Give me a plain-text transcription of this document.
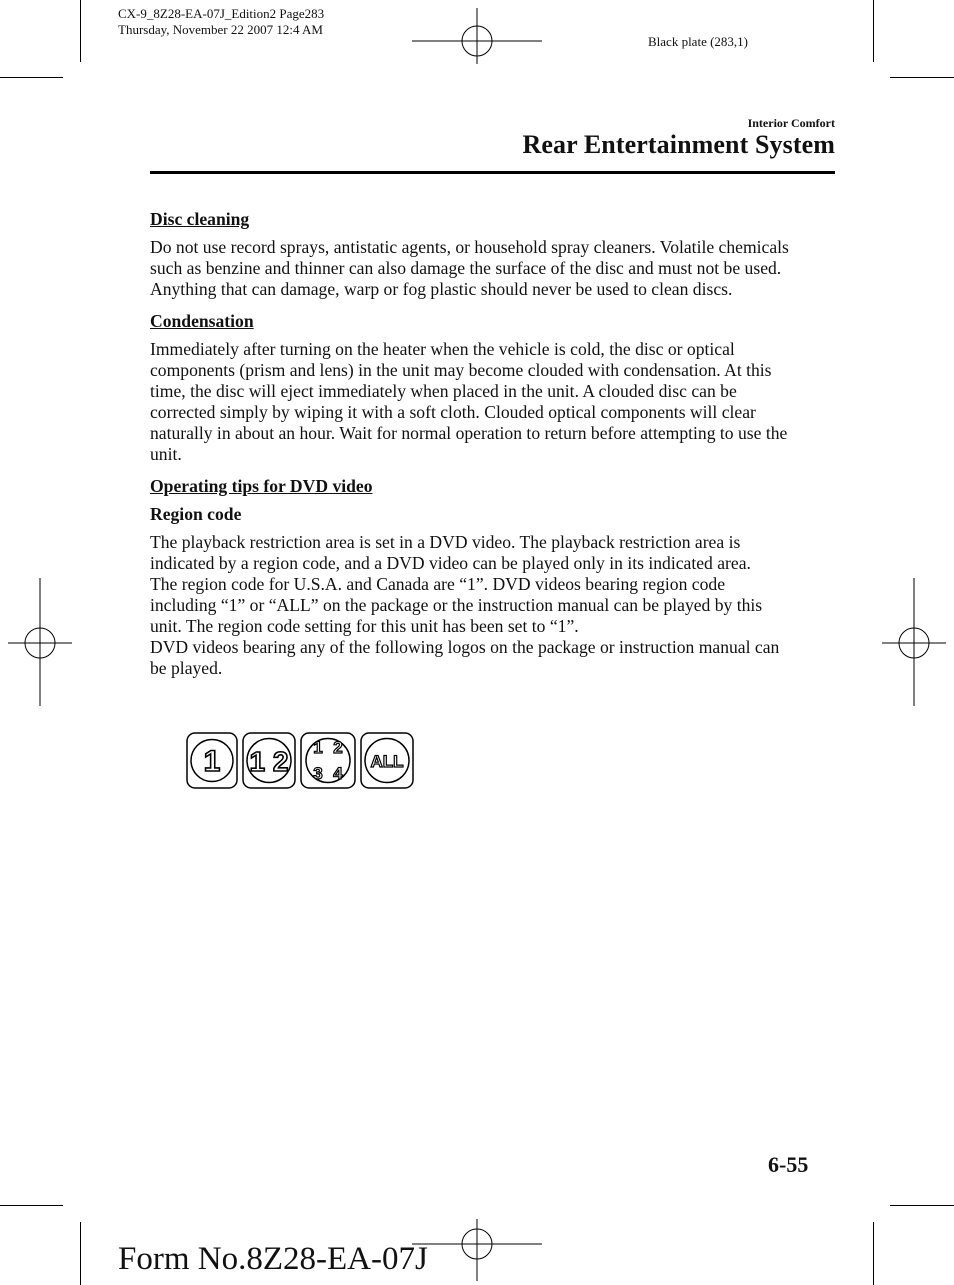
CX-9_8Z28-EA-07J_Edition2 Page283
Thursday, November 22 2007 12:4 AM
Black plate (283,1)
Interior Comfort
Rear Entertainment System
Disc cleaning
Do not use record sprays, antistatic agents, or household spray cleaners. Volatile chemicals
such as benzine and thinner can also damage the surface of the disc and must not be used.
Anything that can damage, warp or fog plastic should never be used to clean discs.
Condensation
Immediately after turning on the heater when the vehicle is cold, the disc or optical
components (prism and lens) in the unit may become clouded with condensation. At this
time, the disc will eject immediately when placed in the unit. A clouded disc can be
corrected simply by wiping it with a soft cloth. Clouded optical components will clear
naturally in about an hour. Wait for normal operation to return before attempting to use the
unit.
Operating tips for DVD video
Region code
The playback restriction area is set in a DVD video. The playback restriction area is
indicated by a region code, and a DVD video can be played only in its indicated area.
The region code for U.S.A. and Canada are “1”. DVD videos bearing region code
including “1” or “ALL” on the package or the instruction manual can be played by this
unit. The region code setting for this unit has been set to “1”.
DVD videos bearing any of the following logos on the package or instruction manual can
be played.
1
1 2
1 2
3 4

ALL
6-55
Form No.8Z28-EA-07J
